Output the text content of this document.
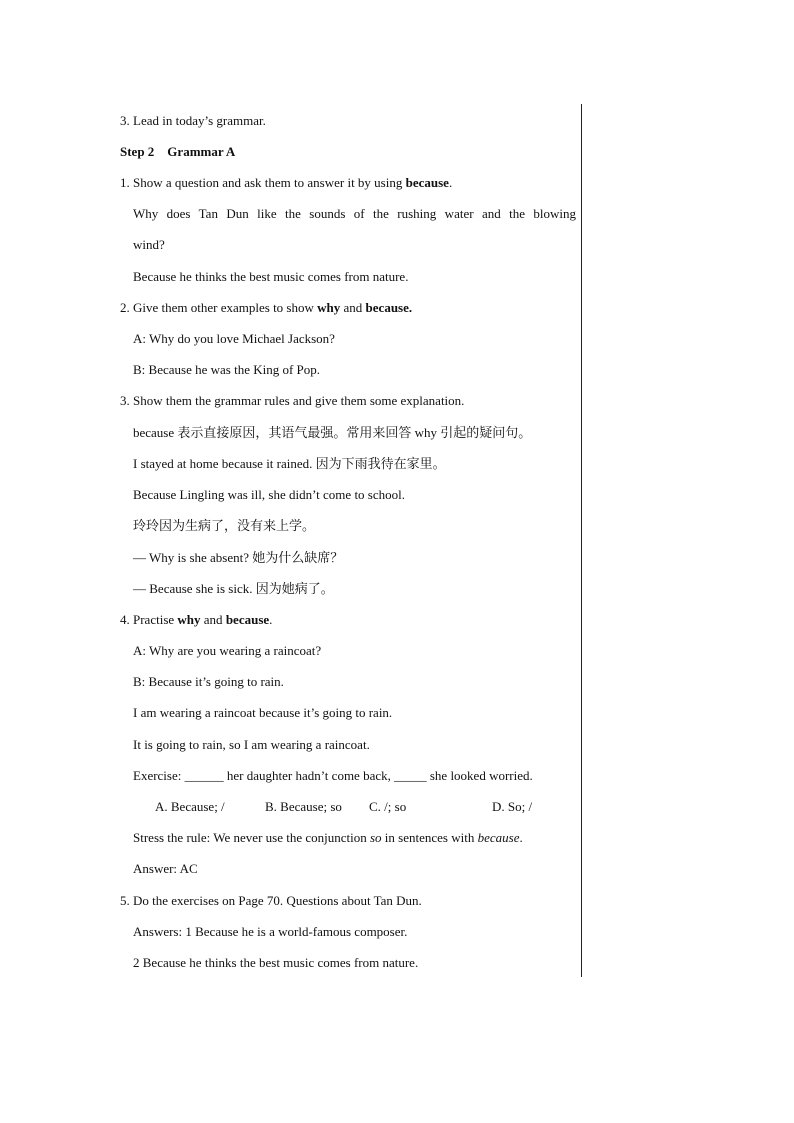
3. Lead in today’s grammar.
Step 2    Grammar A
1. Show a question and ask them to answer it by using because.
Why does Tan Dun like the sounds of the rushing water and the blowing
wind?
Because he thinks the best music comes from nature.
2. Give them other examples to show why and because.
A: Why do you love Michael Jackson?
B: Because he was the King of Pop.
3. Show them the grammar rules and give them some explanation.
because 表示直接原因，其语气最强。常用来回答 why 引起的疑问句。
I stayed at home because it rained. 因为下雨我待在家里。
Because Lingling was ill, she didn’t come to school.
玲玲因为生病了，没有来上学。
— Why is she absent? 她为什么缺席？
— Because she is sick. 因为她病了。
4. Practise why and because.
A: Why are you wearing a raincoat?
B: Because it’s going to rain.
I am wearing a raincoat because it’s going to rain.
It is going to rain, so I am wearing a raincoat.
Exercise: ______ her daughter hadn’t come back, _____ she looked worried.
A. Because; /	B. Because; so C. /; so	D. So; /
Stress the rule: We never use the conjunction so in sentences with because.
Answer: AC
5. Do the exercises on Page 70. Questions about Tan Dun.
Answers: 1 Because he is a world-famous composer.
2 Because he thinks the best music comes from nature.
